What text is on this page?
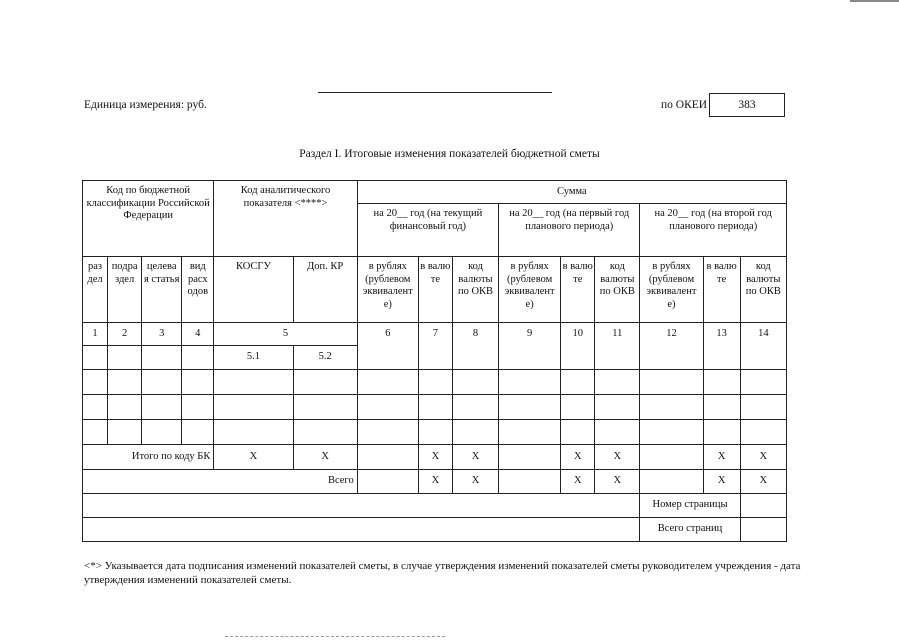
Единица измерения: руб.	по ОКЕИ	383
Раздел I. Итоговые изменения показателей бюджетной сметы
Код по бюджетной классификации Российской Федерации				Код аналитического показателя <****>		Сумма								
						на 20__ год (на текущий финансовый год)			на 20__ год (на первый год планового периода)			на 20__ год (на второй год планового периода)		
раз дел	подра здел	целева я статья	вид расх одов	КОСГУ	Доп. КР	в рублях (рублевом эквивалент е)	в валю те	код валюты по ОКВ	в рублях (рублевом эквивалент е)	в валю те	код валюты по ОКВ	в рублях (рублевом эквивалент е)	в валю те	код валюты по ОКВ
1	2	3	4	5		6	7	8	9	10	11	12	13	14
				5.1	5.2									

Итого по коду БК				X	X		X	X		X	X		X	X
Всего							X	X		X	X		X	X
												Номер страницы		
												Всего страниц		
<*> Указывается дата подписания изменений показателей сметы, в случае утверждения изменений показателей сметы руководителем учреждения - дата утверждения изменений показателей сметы.
